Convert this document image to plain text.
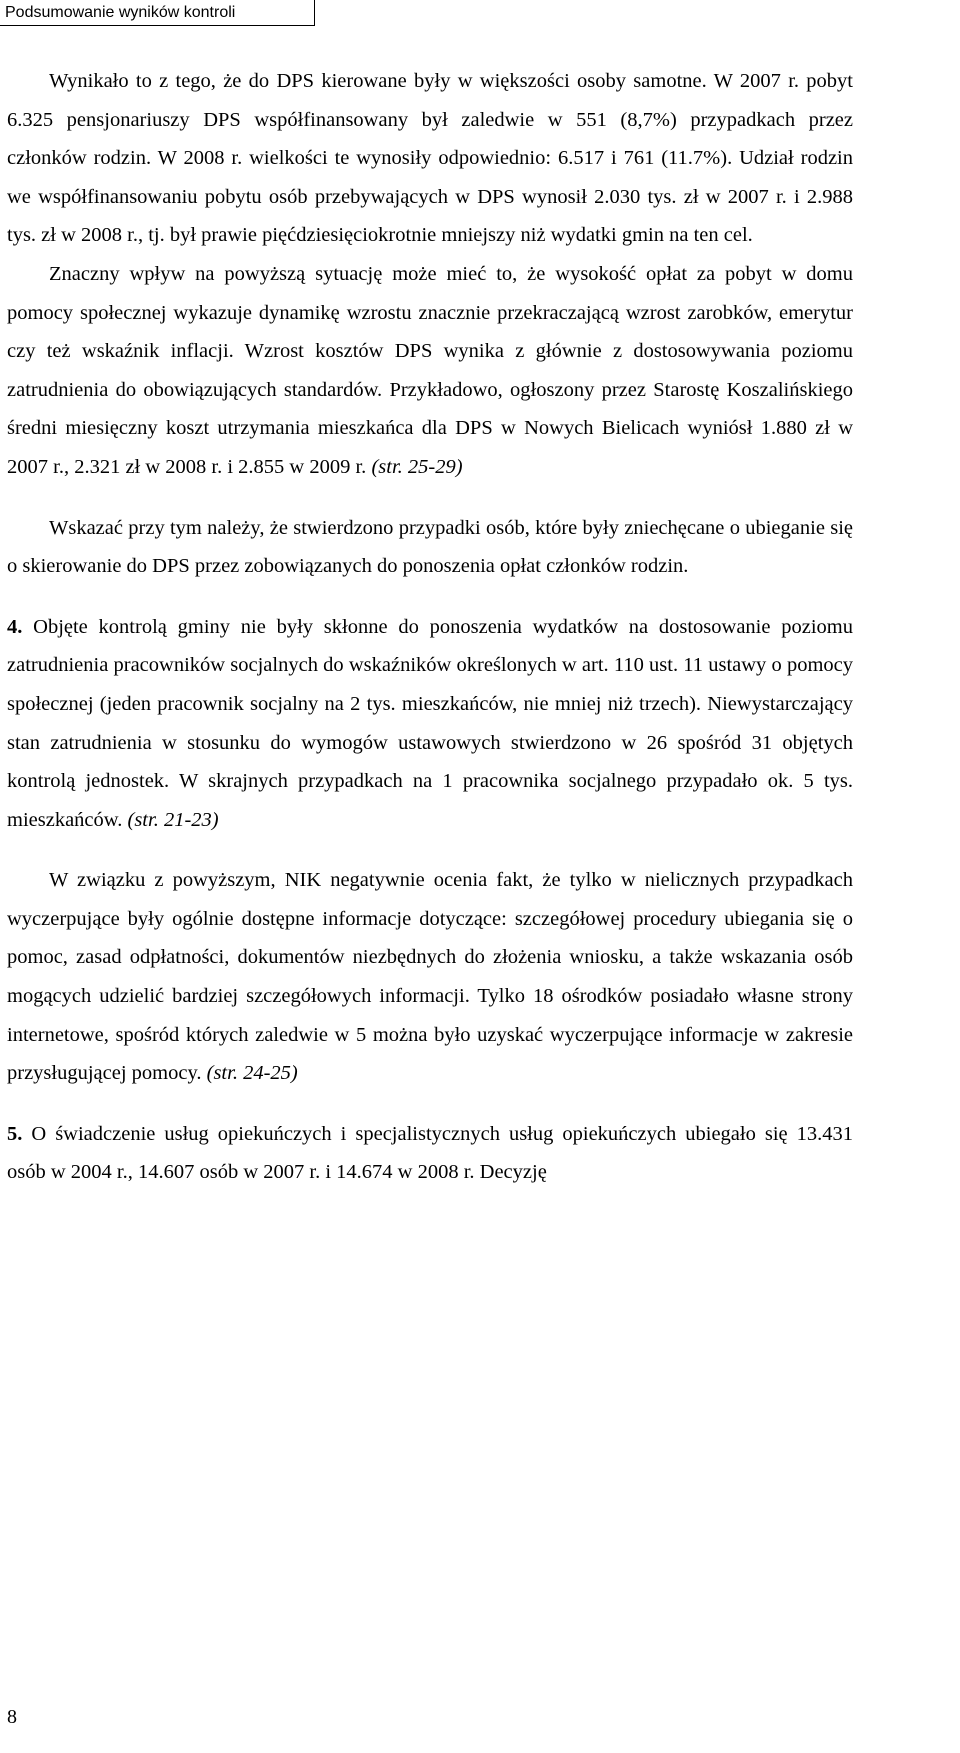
Podsumowanie wyników kontroli

Wynikało to z tego, że do DPS kierowane były w większości osoby samotne. W 2007 r. pobyt 6.325 pensjonariuszy DPS współfinansowany był zaledwie w 551 (8,7%) przypadkach przez członków rodzin. W 2008 r. wielkości te wynosiły odpowiednio: 6.517 i 761 (11.7%). Udział rodzin we współfinansowaniu pobytu osób przebywających w DPS wynosił 2.030 tys. zł w 2007 r. i 2.988 tys. zł w 2008 r., tj. był prawie pięćdziesięciokrotnie mniejszy niż wydatki gmin na ten cel.

Znaczny wpływ na powyższą sytuację może mieć to, że wysokość opłat za pobyt w domu pomocy społecznej wykazuje dynamikę wzrostu znacznie przekraczającą wzrost zarobków, emerytur czy też wskaźnik inflacji. Wzrost kosztów DPS wynika z głównie z dostosowywania poziomu zatrudnienia do obowiązujących standardów. Przykładowo, ogłoszony przez Starostę Koszalińskiego średni miesięczny koszt utrzymania mieszkańca dla DPS w Nowych Bielicach wyniósł 1.880 zł w 2007 r., 2.321 zł w 2008 r. i 2.855 w 2009 r. (str. 25-29)

Wskazać przy tym należy, że stwierdzono przypadki osób, które były zniechęcane o ubieganie się o skierowanie do DPS przez zobowiązanych do ponoszenia opłat członków rodzin.

4. Objęte kontrolą gminy nie były skłonne do ponoszenia wydatków na dostosowanie poziomu zatrudnienia pracowników socjalnych do wskaźników określonych w art. 110 ust. 11 ustawy o pomocy społecznej (jeden pracownik socjalny na 2 tys. mieszkańców, nie mniej niż trzech). Niewystarczający stan zatrudnienia w stosunku do wymogów ustawowych stwierdzono w 26 spośród 31 objętych kontrolą jednostek. W skrajnych przypadkach na 1 pracownika socjalnego przypadało ok. 5 tys. mieszkańców. (str. 21-23)

W związku z powyższym, NIK negatywnie ocenia fakt, że tylko w nielicznych przypadkach wyczerpujące były ogólnie dostępne informacje dotyczące: szczegółowej procedury ubiegania się o pomoc, zasad odpłatności, dokumentów niezbędnych do złożenia wniosku, a także wskazania osób mogących udzielić bardziej szczegółowych informacji. Tylko 18 ośrodków posiadało własne strony internetowe, spośród których zaledwie w 5 można było uzyskać wyczerpujące informacje w zakresie przysługującej pomocy. (str. 24-25)

5. O świadczenie usług opiekuńczych i specjalistycznych usług opiekuńczych ubiegało się 13.431 osób w 2004 r., 14.607 osób w 2007 r. i 14.674 w 2008 r. Decyzję

8
